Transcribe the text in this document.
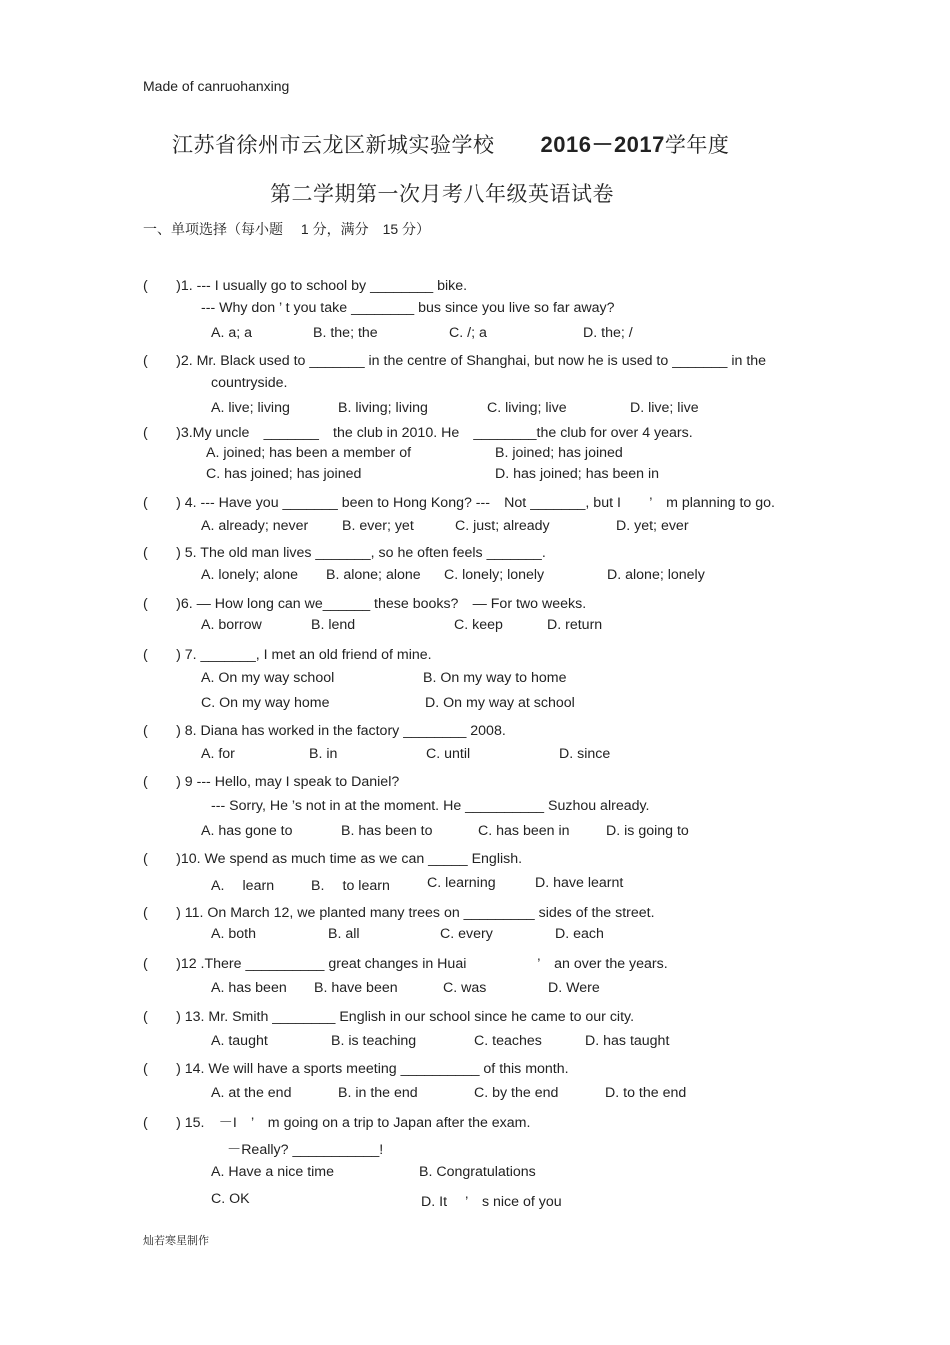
Made of canruohanxing
江苏省徐州市云龙区新城实验学校 2016－2017学年度
第二学期第一次月考八年级英语试卷
一、单项选择（每小题　 1 分，满分　15 分）
(　　)1. --- I usually go to school by ________ bike.
--- Why don ’ t you take ________ bus since you live so far away?
A. a; a	B. the; the	C. /; a	D. the; /
(　　)2. Mr. Black used to _______ in the centre of Shanghai, but now he is used to _______ in the
countryside.
A. live; living	B. living; living	C. living; live	D. live; live
(　　)3.My uncle　_______　the club in 2010. He　________the club for over 4 years.
A. joined; has been a member of	B. joined; has joined
C. has joined; has joined	D. has joined; has been in
(　　) 4. --- Have you _______ been to Hong Kong? ---　Not _______, but I　　’　m planning to go.
A. already; never B. ever; yet	C. just; already	D. yet; ever
(　　) 5. The old man lives _______, so he often feels _______.
A. lonely; alone B. alone; alone C. lonely; lonely	D. alone; lonely
(　　)6. — How long can we______ these books?　— For two weeks.
A. borrow	B. lend	C. keep	D. return
(　　) 7. _______, I met an old friend of mine.
A. On my way school	B. On my way to home
C. On my way home	D. On my way at school
(　　) 8. Diana has worked in the factory ________ 2008.
A. for	B. in	C. until	D. since
(　　) 9 --- Hello, may I speak to Daniel?
--- Sorry, He ’s not in at the moment. He __________ Suzhou already.
A. has gone to	B. has been to	C. has been in	D. is going to
(　　)10. We spend as much time as we can _____ English.
A.　 learn	B.　 to learn	C. learning	D. have learnt
(　　) 11. On March 12, we planted many trees on _________ sides of the street.
A. both	B. all	C. every	D. each
(　　)12 .There __________ great changes in Huai　　　　　’　an over the years.
A. has been B. have been	C. was	D. Were
(　　) 13. Mr. Smith ________ English in our school since he came to our city.
A. taught	B. is teaching	C. teaches	D. has taught
(　　) 14. We will have a sports meeting __________ of this month.
A. at the end	B. in the end	C. by the end	D. to the end
(　　) 15.　－I　’　m going on a trip to Japan after the exam.
－Really? ___________!
A. Have a nice time	B. Congratulations
C. OK	D. It　 ’　s nice of you
灿若寒星制作
